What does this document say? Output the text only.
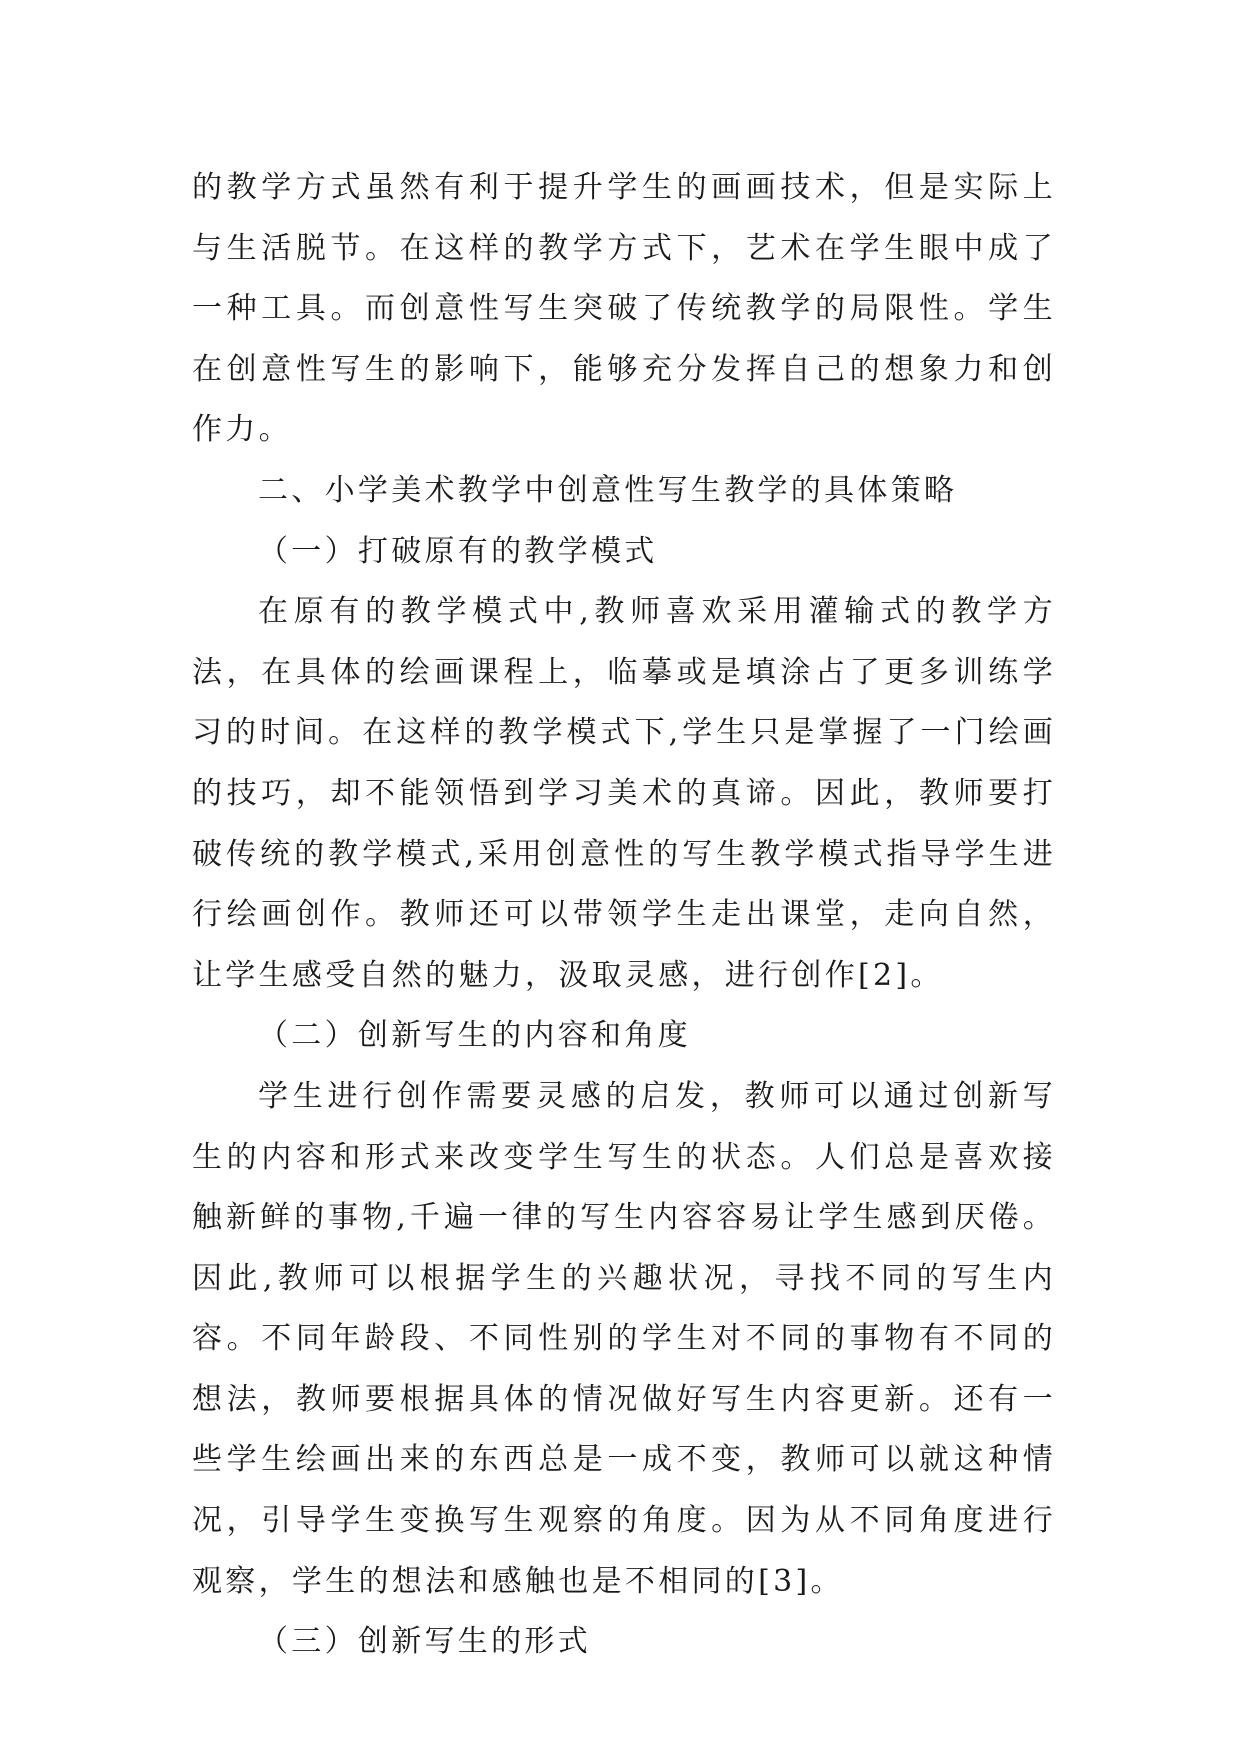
的教学方式虽然有利于提升学生的画画技术，但是实际上与生活脱节。在这样的教学方式下，艺术在学生眼中成了一种工具。而创意性写生突破了传统教学的局限性。学生在创意性写生的影响下，能够充分发挥自己的想象力和创作力。

二、小学美术教学中创意性写生教学的具体策略

（一）打破原有的教学模式

在原有的教学模式中,教师喜欢采用灌输式的教学方法，在具体的绘画课程上，临摹或是填涂占了更多训练学习的时间。在这样的教学模式下,学生只是掌握了一门绘画的技巧，却不能领悟到学习美术的真谛。因此，教师要打破传统的教学模式,采用创意性的写生教学模式指导学生进行绘画创作。教师还可以带领学生走出课堂，走向自然，让学生感受自然的魅力，汲取灵感，进行创作[2]。

（二）创新写生的内容和角度

学生进行创作需要灵感的启发，教师可以通过创新写生的内容和形式来改变学生写生的状态。人们总是喜欢接触新鲜的事物,千遍一律的写生内容容易让学生感到厌倦。因此,教师可以根据学生的兴趣状况，寻找不同的写生内容。不同年龄段、不同性别的学生对不同的事物有不同的想法，教师要根据具体的情况做好写生内容更新。还有一些学生绘画出来的东西总是一成不变，教师可以就这种情况，引导学生变换写生观察的角度。因为从不同角度进行观察，学生的想法和感触也是不相同的[3]。

（三）创新写生的形式
